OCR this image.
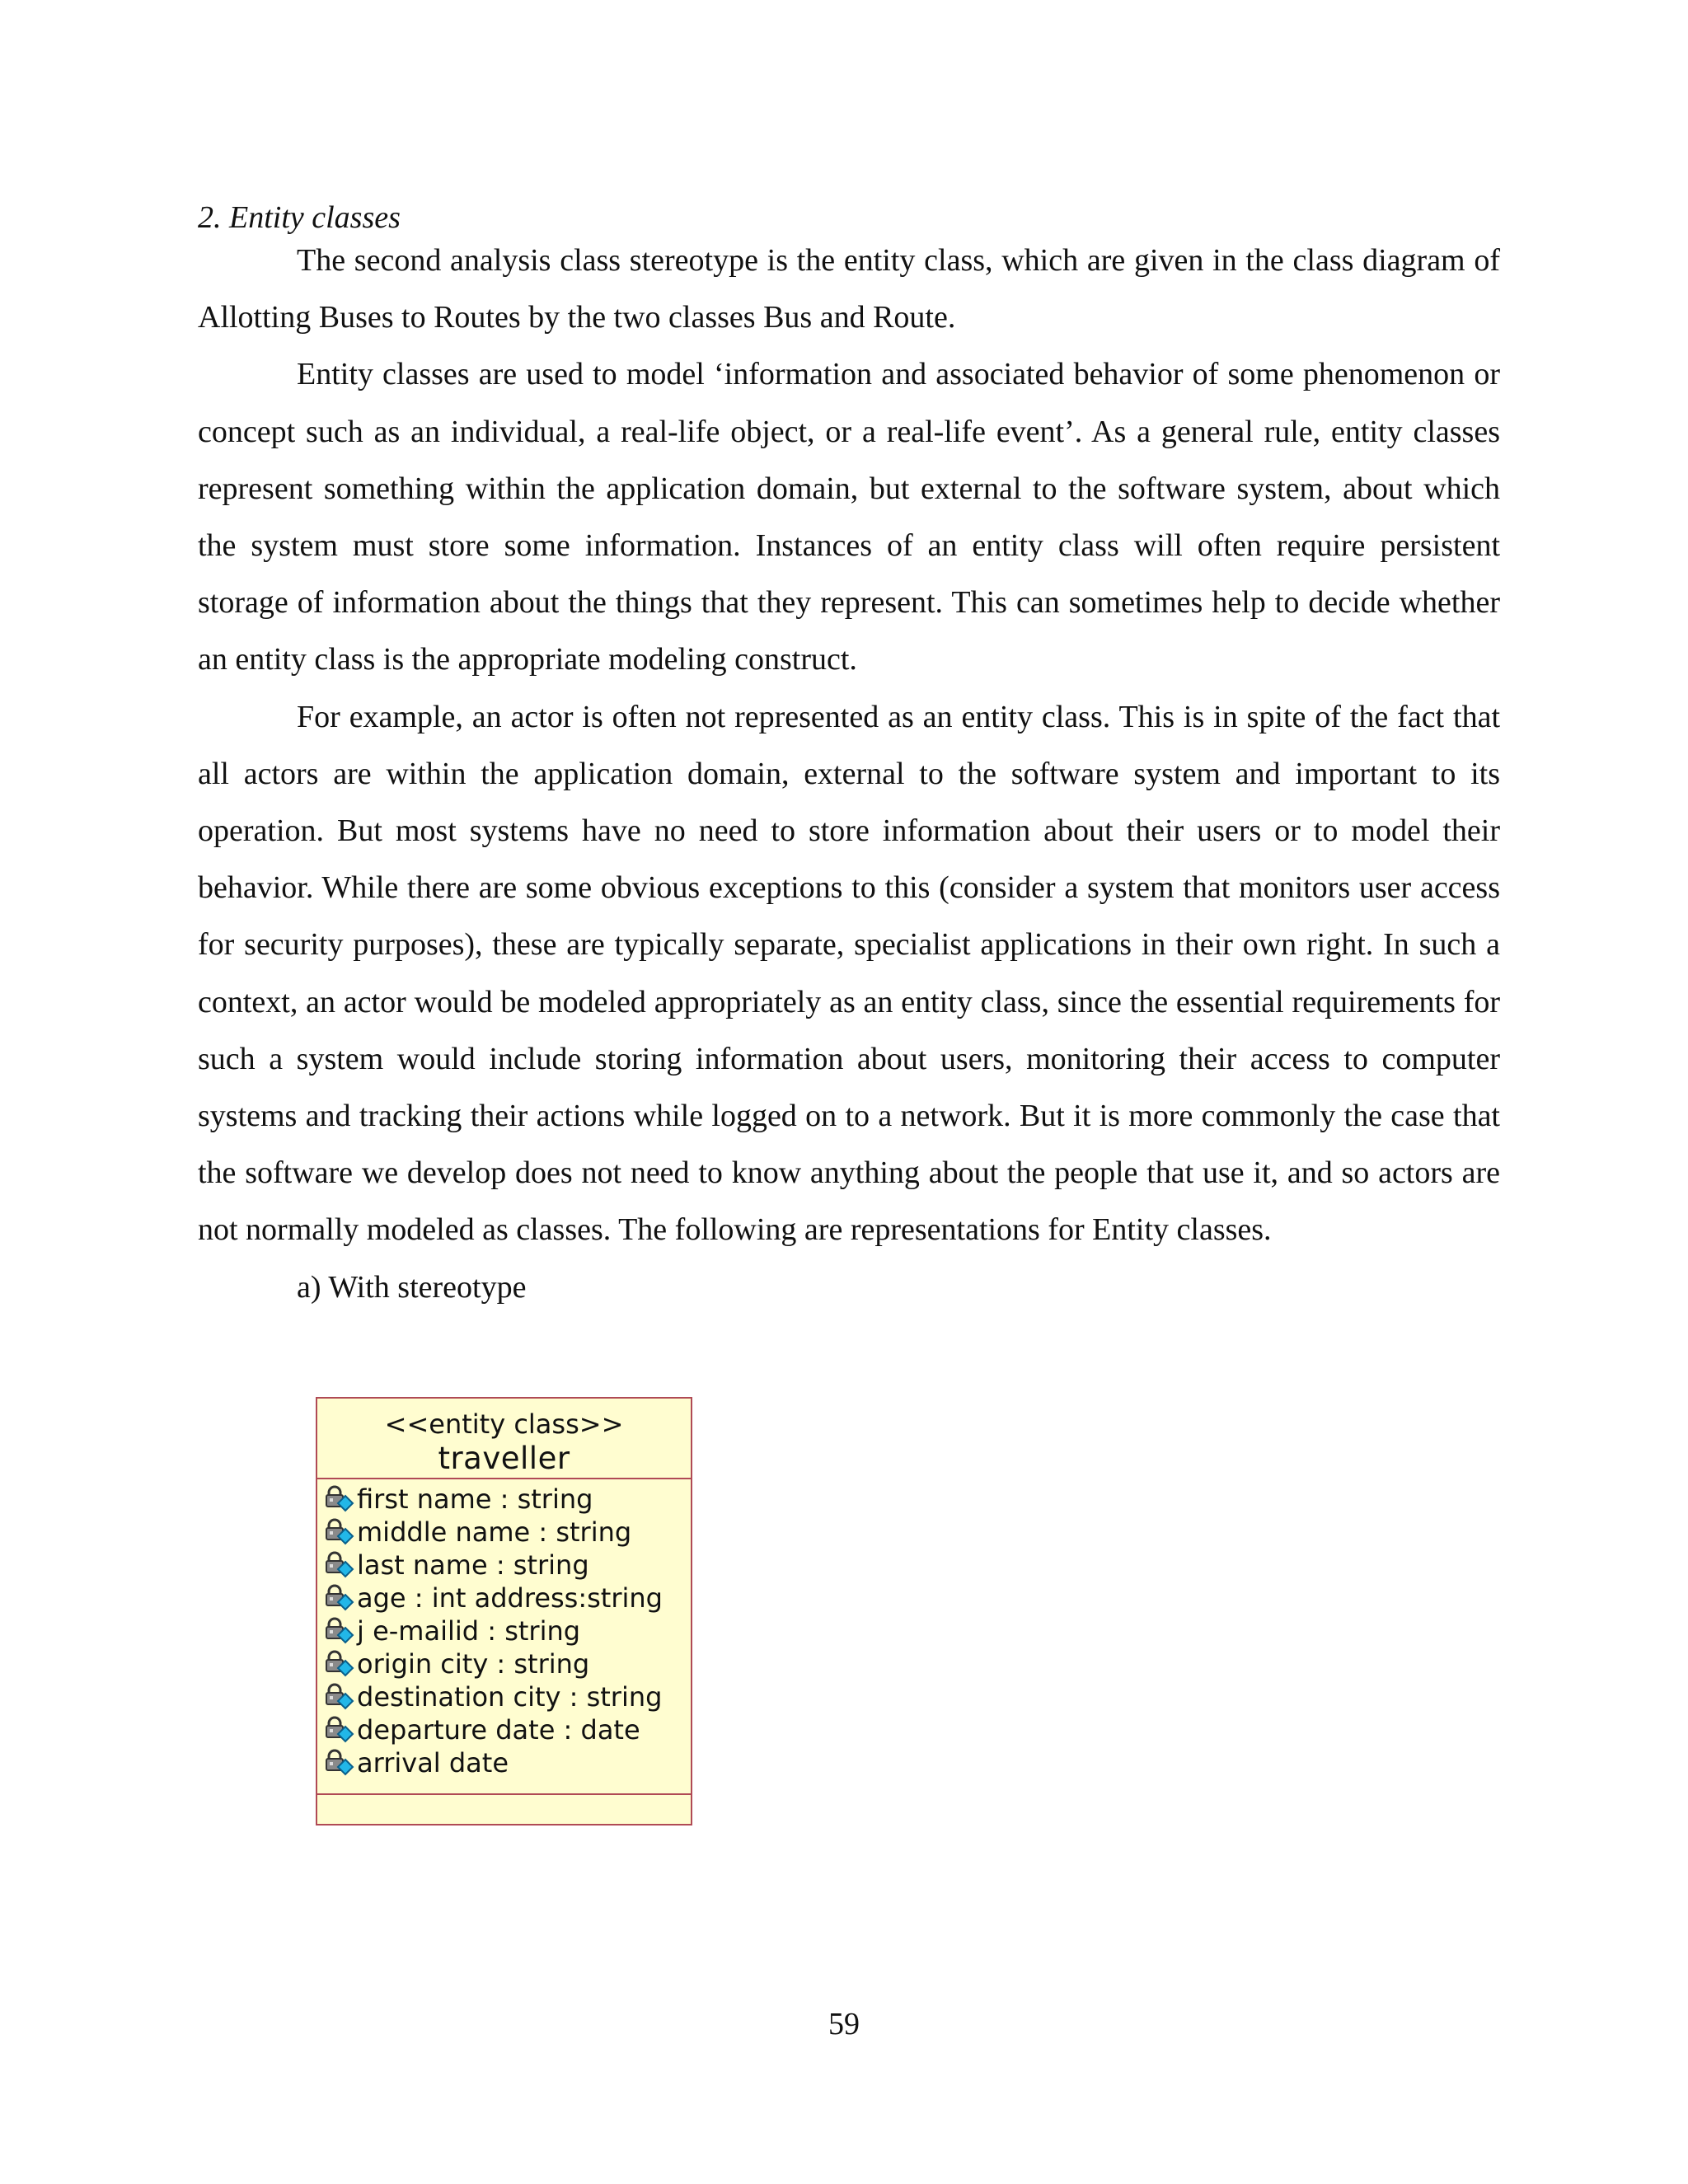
2. Entity classes

The second analysis class stereotype is the entity class, which are given in the class diagram of Allotting Buses to Routes by the two classes Bus and Route.

Entity classes are used to model ‘information and associated behavior of some phenomenon or concept such as an individual, a real-life object, or a real-life event’. As a general rule, entity classes represent something within the application domain, but external to the software system, about which the system must store some information. Instances of an entity class will often require persistent storage of information about the things that they represent. This can sometimes help to decide whether an entity class is the appropriate modeling construct.

For example, an actor is often not represented as an entity class. This is in spite of the fact that all actors are within the application domain, external to the software system and important to its operation. But most systems have no need to store information about their users or to model their behavior. While there are some obvious exceptions to this (consider a system that monitors user access for security purposes), these are typically separate, specialist applications in their own right. In such a context, an actor would be modeled appropriately as an entity class, since the essential requirements for such a system would include storing information about users, monitoring their access to computer systems and tracking their actions while logged on to a network. But it is more commonly the case that the software we develop does not need to know anything about the people that use it, and so actors are not normally modeled as classes. The following are representations for Entity classes.

a) With stereotype
<<entity class>>
traveller
first name : string
middle name : string
last name : string
age : int address:string
j e-mailid : string
origin city : string
destination city : string
departure date : date
arrival date
59
